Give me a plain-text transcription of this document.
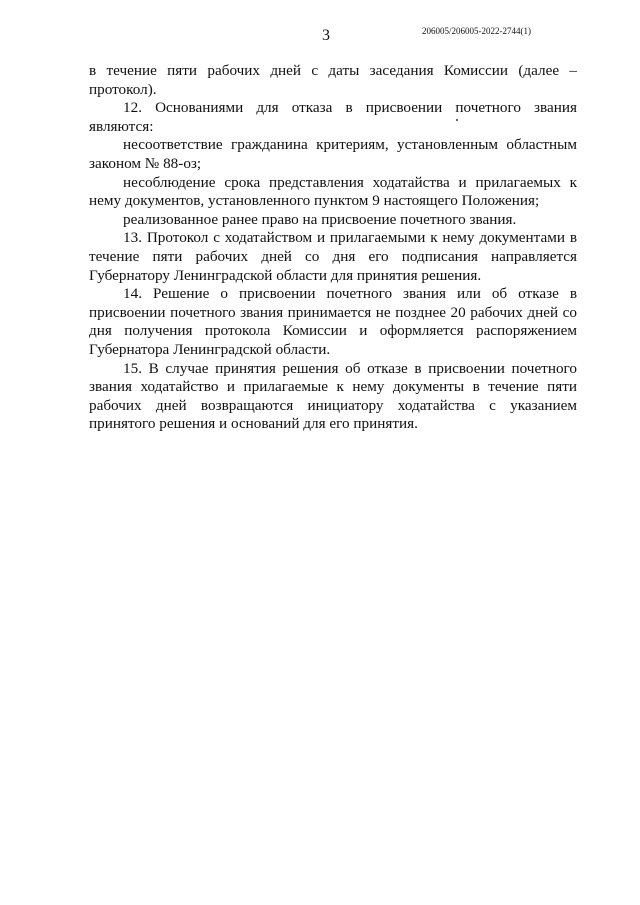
3	206005/206005-2022-2744(1)

в течение пяти рабочих дней с даты заседания Комиссии (далее – протокол).

12. Основаниями для отказа в присвоении почетного звания являются:

несоответствие гражданина критериям, установленным областным законом № 88-оз;

несоблюдение срока представления ходатайства и прилагаемых к нему документов, установленного пунктом 9 настоящего Положения;

реализованное ранее право на присвоение почетного звания.

13. Протокол с ходатайством и прилагаемыми к нему документами в течение пяти рабочих дней со дня его подписания направляется Губернатору Ленинградской области для принятия решения.

14. Решение о присвоении почетного звания или об отказе в присвоении почетного звания принимается не позднее 20 рабочих дней со дня получения протокола Комиссии и оформляется распоряжением Губернатора Ленинградской области.

15. В случае принятия решения об отказе в присвоении почетного звания ходатайство и прилагаемые к нему документы в течение пяти рабочих дней возвращаются инициатору ходатайства с указанием принятого решения и оснований для его принятия.
